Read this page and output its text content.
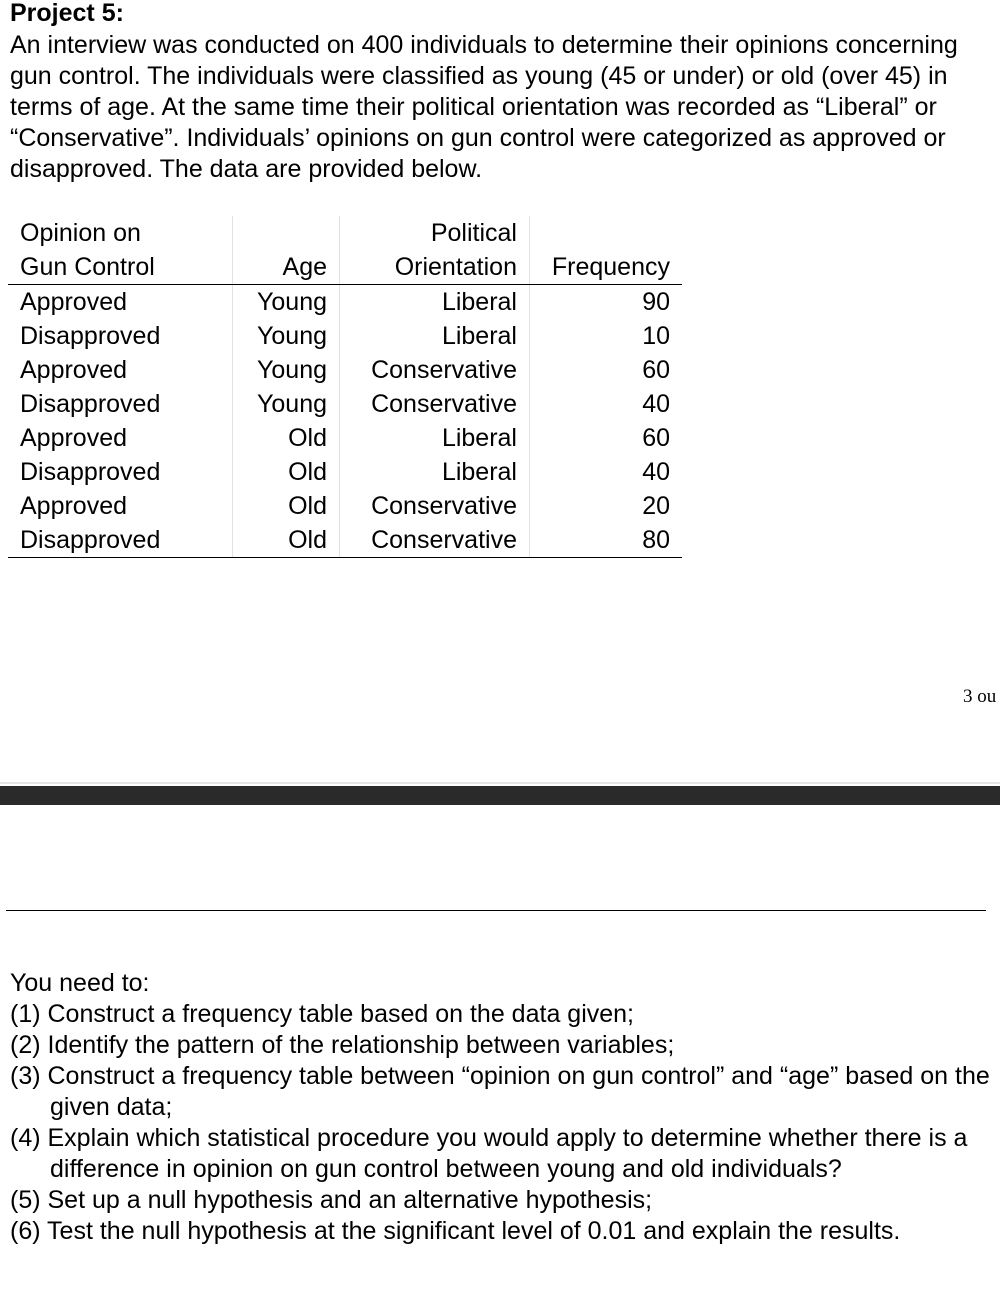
Project 5:

An interview was conducted on 400 individuals to determine their opinions concerning gun control. The individuals were classified as young (45 or under) or old (over 45) in terms of age. At the same time their political orientation was recorded as “Liberal” or “Conservative”. Individuals’ opinions on gun control were categorized as approved or disapproved. The data are provided below.

Opinion on		Political	
Gun Control	Age	Orientation	Frequency
Approved	Young	Liberal	90
Disapproved	Young	Liberal	10
Approved	Young	Conservative	60
Disapproved	Young	Conservative	40
Approved	Old	Liberal	60
Disapproved	Old	Liberal	40
Approved	Old	Conservative	20
Disapproved	Old	Conservative	80
3 ou
You need to:
(1) Construct a frequency table based on the data given;
(2) Identify the pattern of the relationship between variables;
(3) Construct a frequency table between “opinion on gun control” and “age” based on the given data;
(4) Explain which statistical procedure you would apply to determine whether there is a difference in opinion on gun control between young and old individuals?
(5) Set up a null hypothesis and an alternative hypothesis;
(6) Test the null hypothesis at the significant level of 0.01 and explain the results.
